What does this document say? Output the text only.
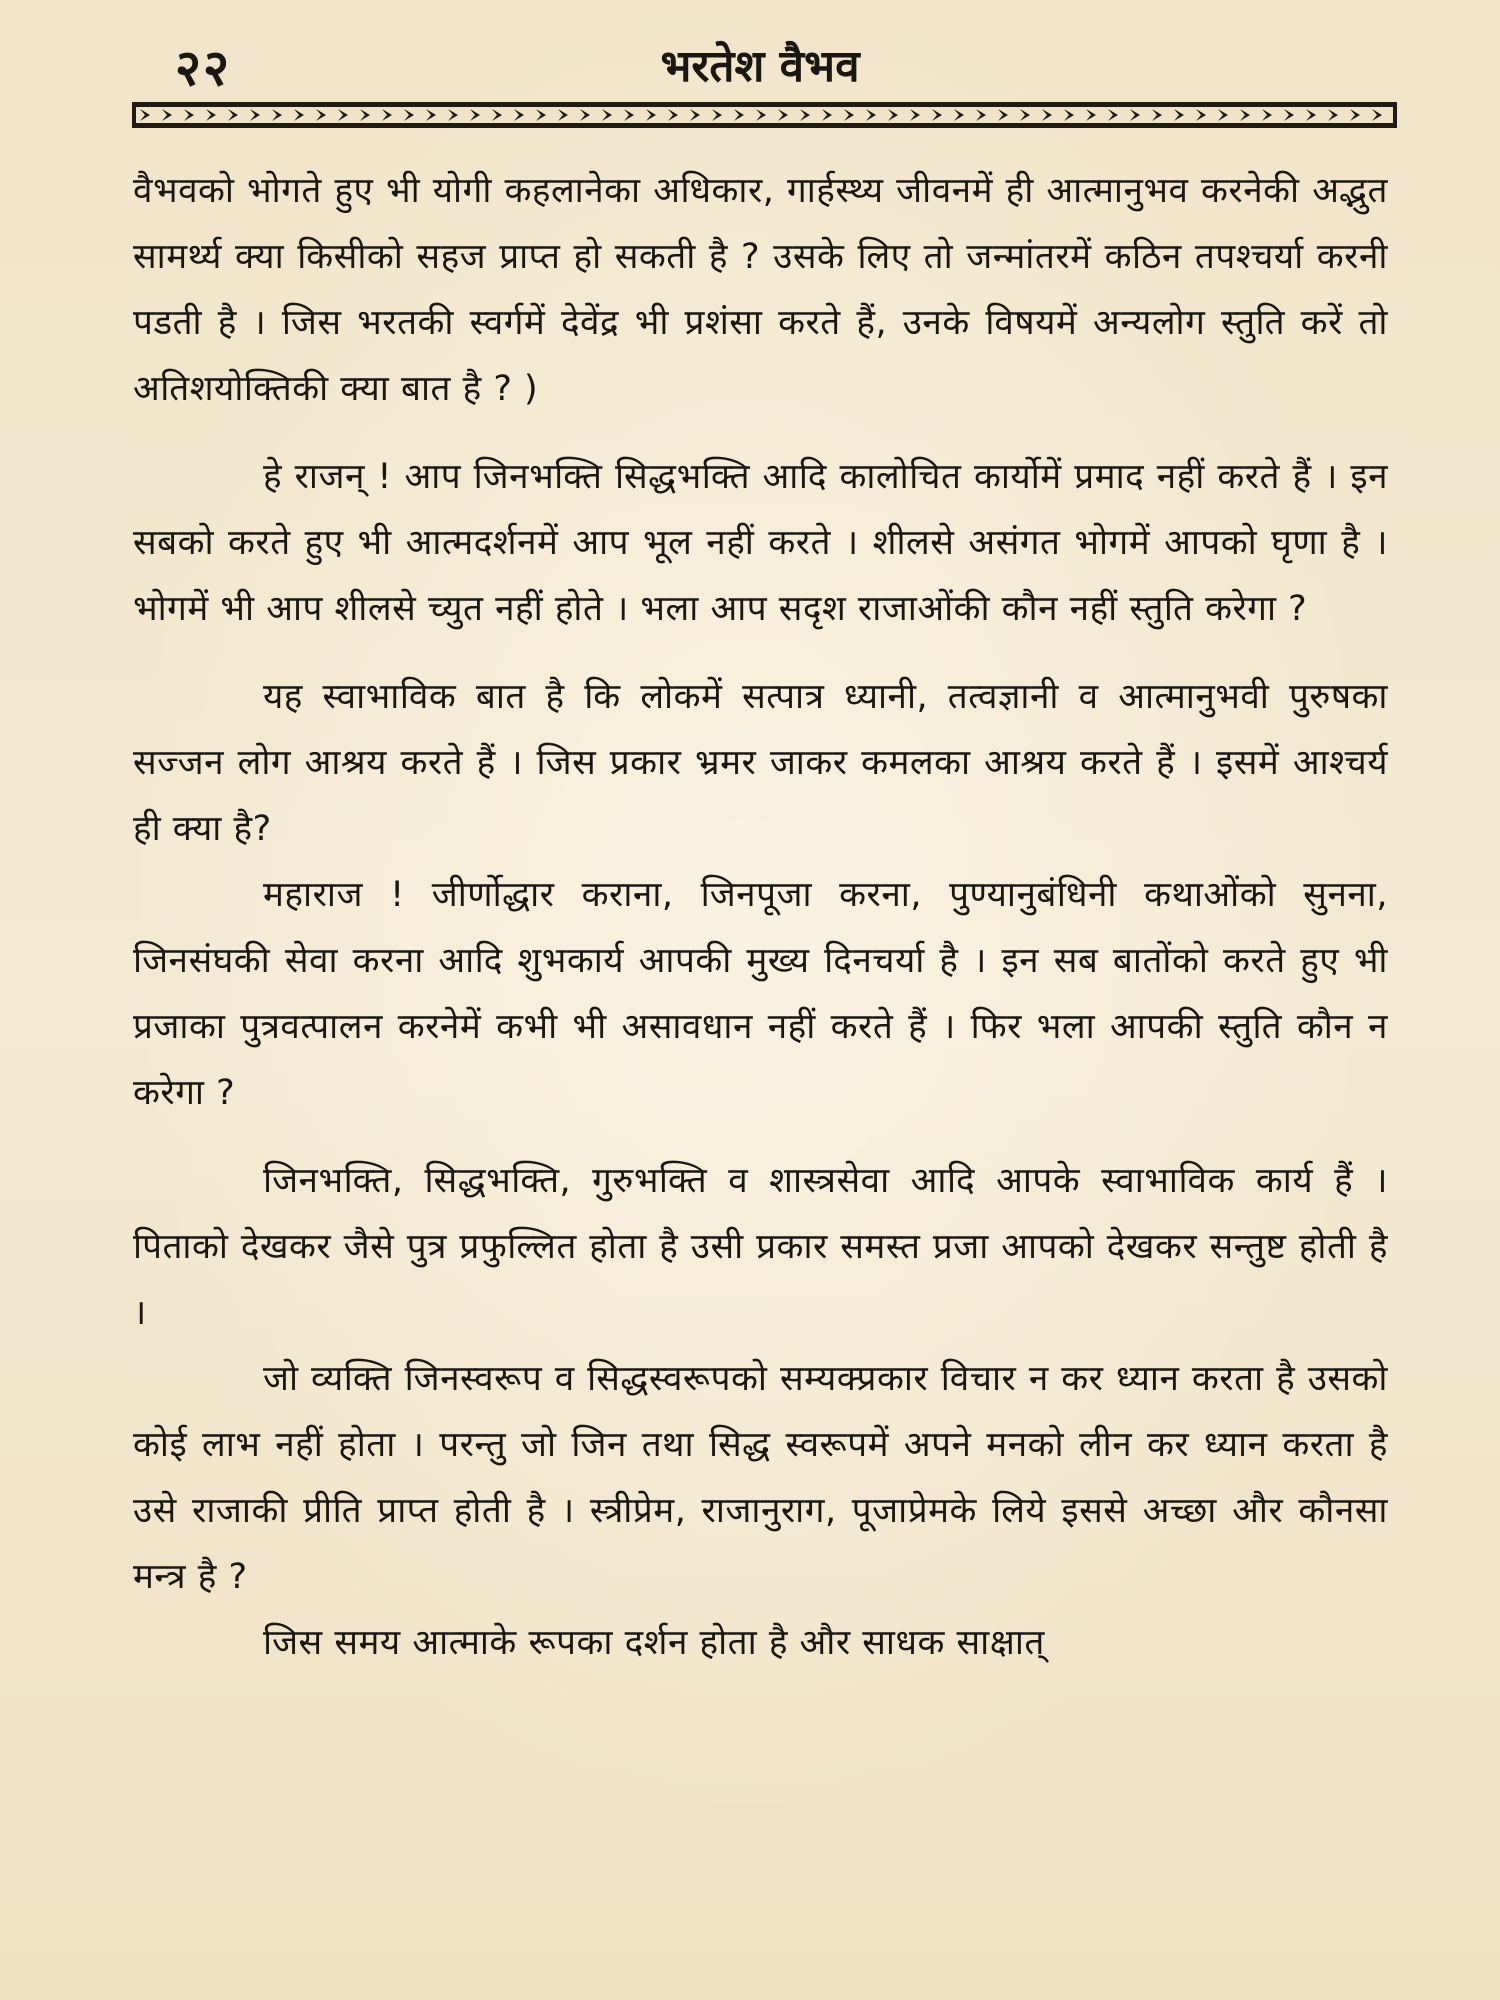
२२	भरतेश वैभव

वैभवको भोगते हुए भी योगी कहलानेका अधिकार, गार्हस्थ्य जीवनमें ही आत्मानुभव करनेकी अद्भुत सामर्थ्य क्या किसीको सहज प्राप्त हो सकती है ? उसके लिए तो जन्मांतरमें कठिन तपश्चर्या करनी पडती है । जिस भरतकी स्वर्गमें देवेंद्र भी प्रशंसा करते हैं, उनके विषयमें अन्यलोग स्तुति करें तो अतिशयोक्तिकी क्या बात है ? )

हे राजन् ! आप जिनभक्ति सिद्धभक्ति आदि कालोचित कार्योमें प्रमाद नहीं करते हैं । इन सबको करते हुए भी आत्मदर्शनमें आप भूल नहीं करते । शीलसे असंगत भोगमें आपको घृणा है । भोगमें भी आप शीलसे च्युत नहीं होते । भला आप सदृश राजाओंकी कौन नहीं स्तुति करेगा ?

यह स्वाभाविक बात है कि लोकमें सत्पात्र ध्यानी, तत्वज्ञानी व आत्मानुभवी पुरुषका सज्जन लोग आश्रय करते हैं । जिस प्रकार भ्रमर जाकर कमलका आश्रय करते हैं । इसमें आश्चर्य ही क्या है?

महाराज ! जीर्णोद्धार कराना, जिनपूजा करना, पुण्यानुबंधिनी कथाओंको सुनना, जिनसंघकी सेवा करना आदि शुभकार्य आपकी मुख्य दिनचर्या है । इन सब बातोंको करते हुए भी प्रजाका पुत्रवत्पालन करनेमें कभी भी असावधान नहीं करते हैं । फिर भला आपकी स्तुति कौन न करेगा ?

जिनभक्ति, सिद्धभक्ति, गुरुभक्ति व शास्त्रसेवा आदि आपके स्वाभाविक कार्य हैं । पिताको देखकर जैसे पुत्र प्रफुल्लित होता है उसी प्रकार समस्त प्रजा आपको देखकर सन्तुष्ट होती है ।

जो व्यक्ति जिनस्वरूप व सिद्धस्वरूपको सम्यक्प्रकार विचार न कर ध्यान करता है उसको कोई लाभ नहीं होता । परन्तु जो जिन तथा सिद्ध स्वरूपमें अपने मनको लीन कर ध्यान करता है उसे राजाकी प्रीति प्राप्त होती है । स्त्रीप्रेम, राजानुराग, पूजाप्रेमके लिये इससे अच्छा और कौनसा मन्त्र है ?

जिस समय आत्माके रूपका दर्शन होता है और साधक साक्षात्
